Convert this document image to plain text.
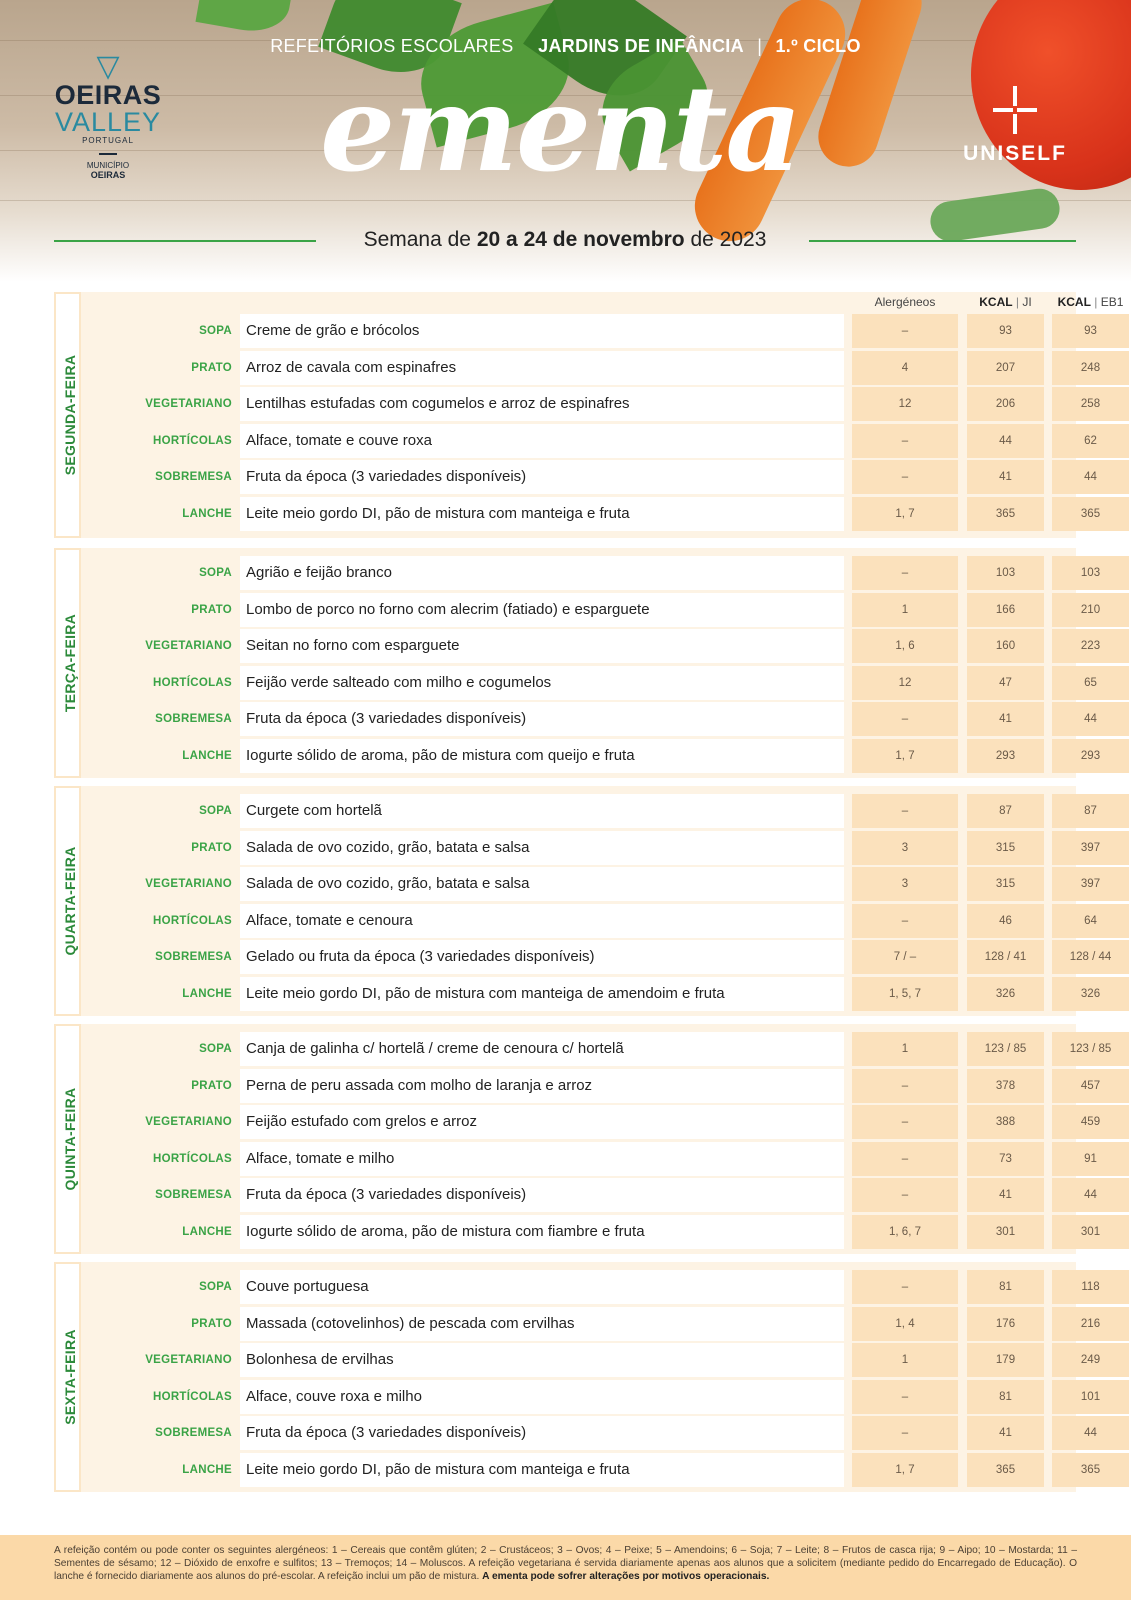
▽
OEIRAS
VALLEY
PORTUGAL
MUNICÍPIO
OEIRAS
REFEITÓRIOS ESCOLARES JARDINS DE INFÂNCIA | 1.º CICLO
ementa	UNISELF
Semana de 20 a 24 de novembro de 2023
SEGUNDA-FEIRA
Alergéneos	KCAL | JI	KCAL | EB1
SOPA Creme de grão e brócolos	–	93	93
PRATO Arroz de cavala com espinafres	4	207	248
VEGETARIANO Lentilhas estufadas com cogumelos e arroz de espinafres	12	206	258
HORTÍCOLAS Alface, tomate e couve roxa	–	44	62
SOBREMESA Fruta da época (3 variedades disponíveis)	–	41	44
LANCHE Leite meio gordo DI, pão de mistura com manteiga e fruta	1, 7	365	365
TERÇA-FEIRA
SOPA Agrião e feijão branco	–	103	103
PRATO Lombo de porco no forno com alecrim (fatiado) e esparguete	1	166	210
VEGETARIANO Seitan no forno com esparguete	1, 6	160	223
HORTÍCOLAS Feijão verde salteado com milho e cogumelos	12	47	65
SOBREMESA Fruta da época (3 variedades disponíveis)	–	41	44
LANCHE Iogurte sólido de aroma, pão de mistura com queijo e fruta	1, 7	293	293
QUARTA-FEIRA
SOPA Curgete com hortelã	–	87	87
PRATO Salada de ovo cozido, grão, batata e salsa	3	315	397
VEGETARIANO Salada de ovo cozido, grão, batata e salsa	3	315	397
HORTÍCOLAS Alface, tomate e cenoura	–	46	64
SOBREMESA Gelado ou fruta da época (3 variedades disponíveis)	7 / –	128 / 41	128 / 44
LANCHE Leite meio gordo DI, pão de mistura com manteiga de amendoim e fruta	1, 5, 7	326	326
QUINTA-FEIRA
SOPA Canja de galinha c/ hortelã / creme de cenoura c/ hortelã	1	123 / 85	123 / 85
PRATO Perna de peru assada com molho de laranja e arroz	–	378	457
VEGETARIANO Feijão estufado com grelos e arroz	–	388	459
HORTÍCOLAS Alface, tomate e milho	–	73	91
SOBREMESA Fruta da época (3 variedades disponíveis)	–	41	44
LANCHE Iogurte sólido de aroma, pão de mistura com fiambre e fruta	1, 6, 7	301	301
SEXTA-FEIRA
SOPA Couve portuguesa	–	81	118
PRATO Massada (cotovelinhos) de pescada com ervilhas	1, 4	176	216
VEGETARIANO Bolonhesa de ervilhas	1	179	249
HORTÍCOLAS Alface, couve roxa e milho	–	81	101
SOBREMESA Fruta da época (3 variedades disponíveis)	–	41	44
LANCHE Leite meio gordo DI, pão de mistura com manteiga e fruta	1, 7	365	365

A refeição contém ou pode conter os seguintes alergéneos: 1 – Cereais que contêm glúten; 2 – Crustáceos; 3 – Ovos; 4 – Peixe; 5 – Amendoins; 6 – Soja; 7 – Leite; 8 – Frutos de casca rija; 9 – Aipo; 10 – Mostarda; 11 – Sementes de sésamo; 12 – Dióxido de enxofre e sulfitos; 13 – Tremoços; 14 – Moluscos. A refeição vegetariana é servida diariamente apenas aos alunos que a solicitem (mediante pedido do Encarregado de Educação). O lanche é fornecido diariamente aos alunos do pré-escolar. A refeição inclui um pão de mistura. A ementa pode sofrer alterações por motivos operacionais.
